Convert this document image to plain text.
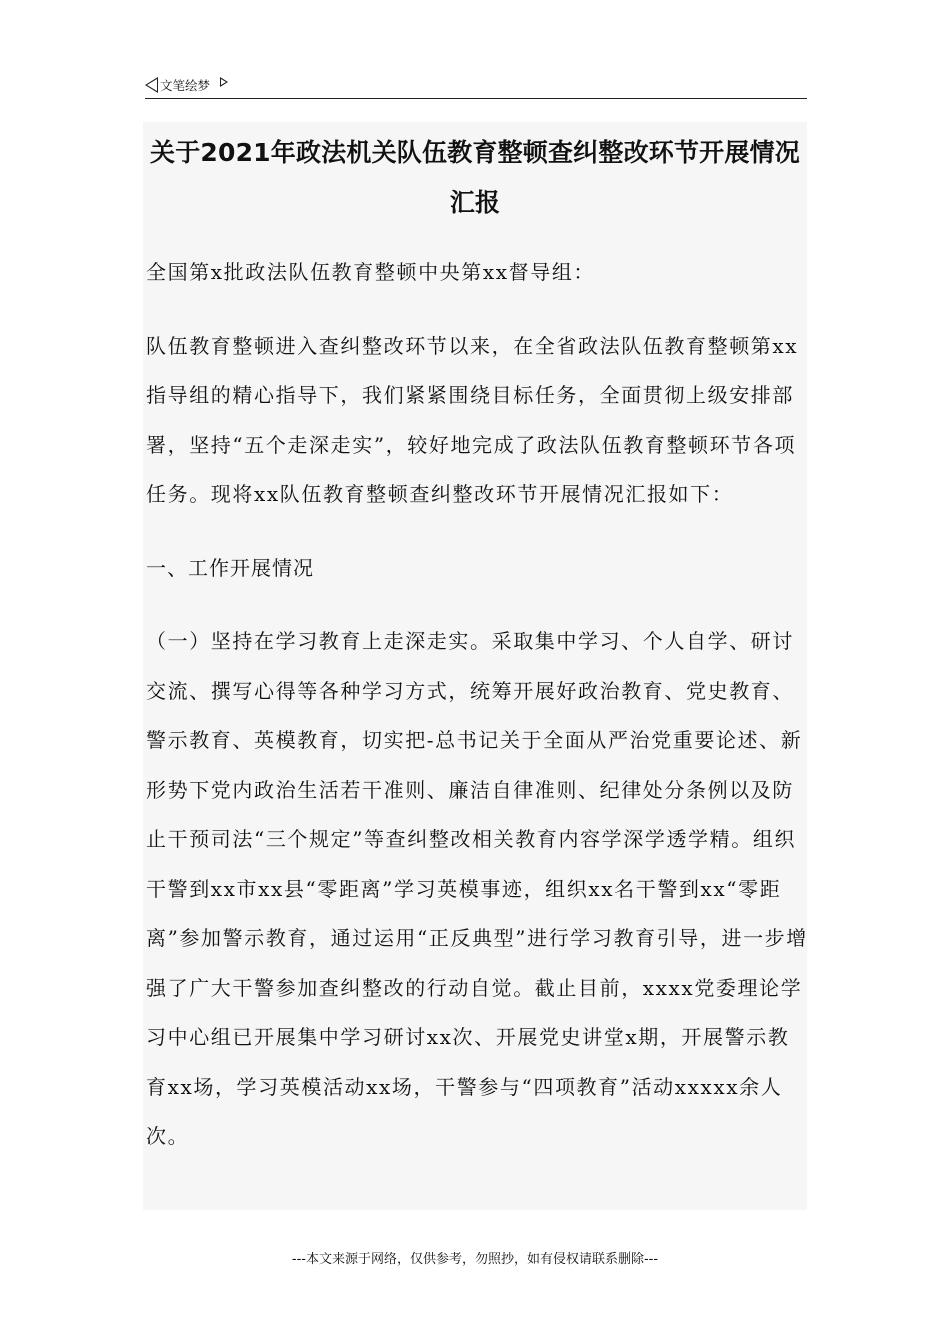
文笔绘梦
关于2021年政法机关队伍教育整顿查纠整改环节开展情况
汇报

全国第x批政法队伍教育整顿中央第xx督导组：

队伍教育整顿进入查纠整改环节以来，在全省政法队伍教育整顿第xx指导组的精心指导下，我们紧紧围绕目标任务，全面贯彻上级安排部署，坚持“五个走深走实”，较好地完成了政法队伍教育整顿环节各项任务。现将xx队伍教育整顿查纠整改环节开展情况汇报如下：

一、工作开展情况

（一）坚持在学习教育上走深走实。采取集中学习、个人自学、研讨交流、撰写心得等各种学习方式，统筹开展好政治教育、党史教育、警示教育、英模教育，切实把-总书记关于全面从严治党重要论述、新形势下党内政治生活若干准则、廉洁自律准则、纪律处分条例以及防止干预司法“三个规定”等查纠整改相关教育内容学深学透学精。组织干警到xx市xx县“零距离”学习英模事迹，组织xx名干警到xx“零距离”参加警示教育，通过运用“正反典型”进行学习教育引导，进一步增强了广大干警参加查纠整改的行动自觉。截止目前，xxxx党委理论学习中心组已开展集中学习研讨xx次、开展党史讲堂x期，开展警示教育xx场，学习英模活动xx场，干警参与“四项教育”活动xxxxx余人次。

---本文来源于网络，仅供参考，勿照抄，如有侵权请联系删除---
